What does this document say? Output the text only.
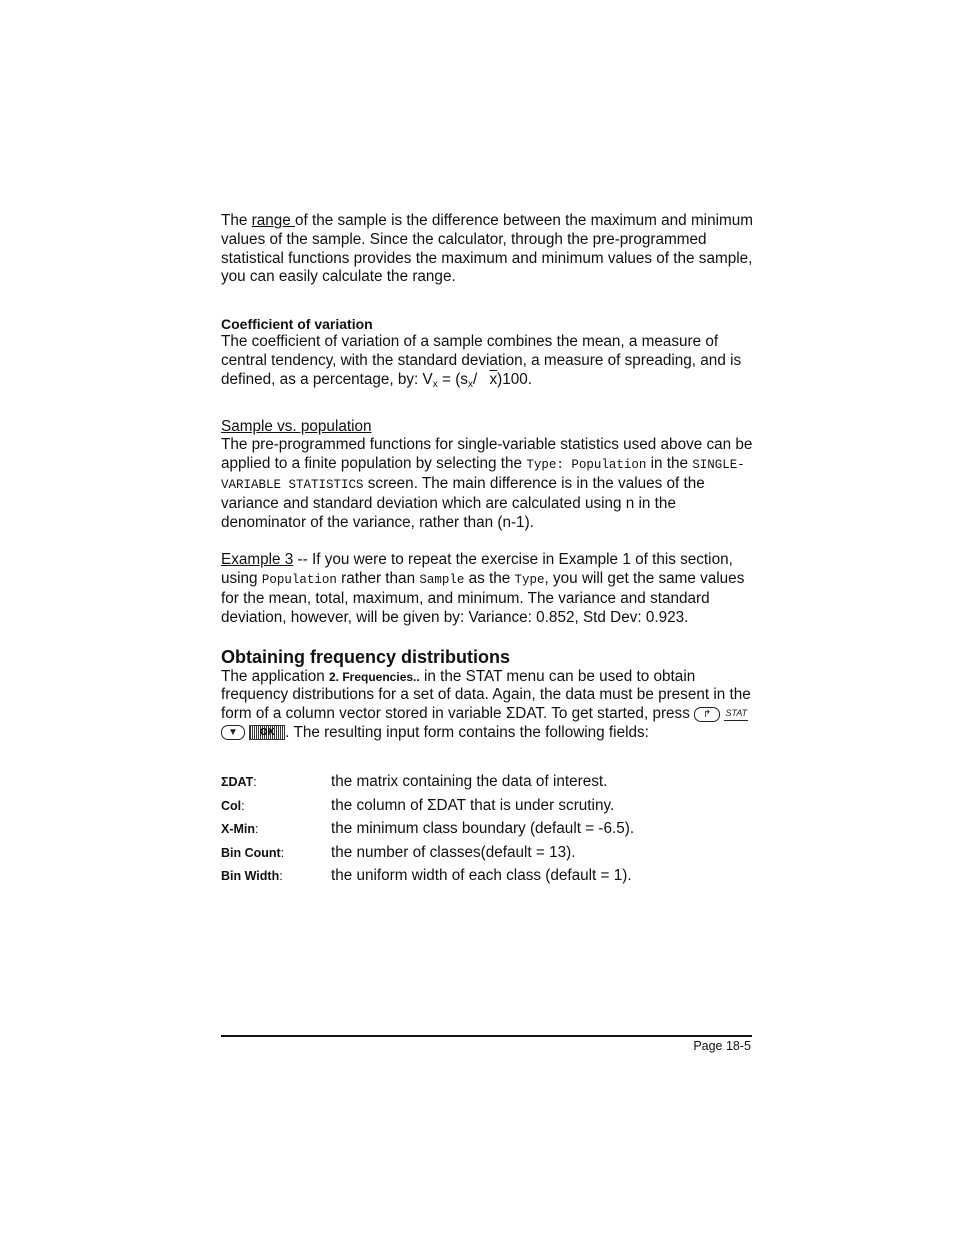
The range of the sample is the difference between the maximum and minimum values of the sample. Since the calculator, through the pre-programmed statistical functions provides the maximum and minimum values of the sample, you can easily calculate the range.

Coefficient of variation

The coefficient of variation of a sample combines the mean, a measure of central tendency, with the standard deviation, a measure of spreading, and is defined, as a percentage, by: $V_x = (s_x/$ $\overline{x})100$.

Sample vs. population

The pre-programmed functions for single-variable statistics used above can be applied to a finite population by selecting the Type: Population in the SINGLE-VARIABLE STATISTICS screen. The main difference is in the values of the variance and standard deviation which are calculated using n in the denominator of the variance, rather than (n-1).

Example 3 -- If you were to repeat the exercise in Example 1 of this section, using Population rather than Sample as the Type, you will get the same values for the mean, total, maximum, and minimum. The variance and standard deviation, however, will be given by: Variance: 0.852, Std Dev: 0.923.

Obtaining frequency distributions

The application 2. Frequencies.. in the STAT menu can be used to obtain frequency distributions for a set of data. Again, the data must be present in the form of a column vector stored in variable ΣDAT. To get started, press ↱ STAT ▼ OK . The resulting input form contains the following fields:

ΣDAT:	the matrix containing the data of interest.
Col:	the column of ΣDAT that is under scrutiny.
X-Min:	the minimum class boundary (default = -6.5).
Bin Count:	the number of classes(default = 13).
Bin Width:	the uniform width of each class (default = 1).
Page 18-5
